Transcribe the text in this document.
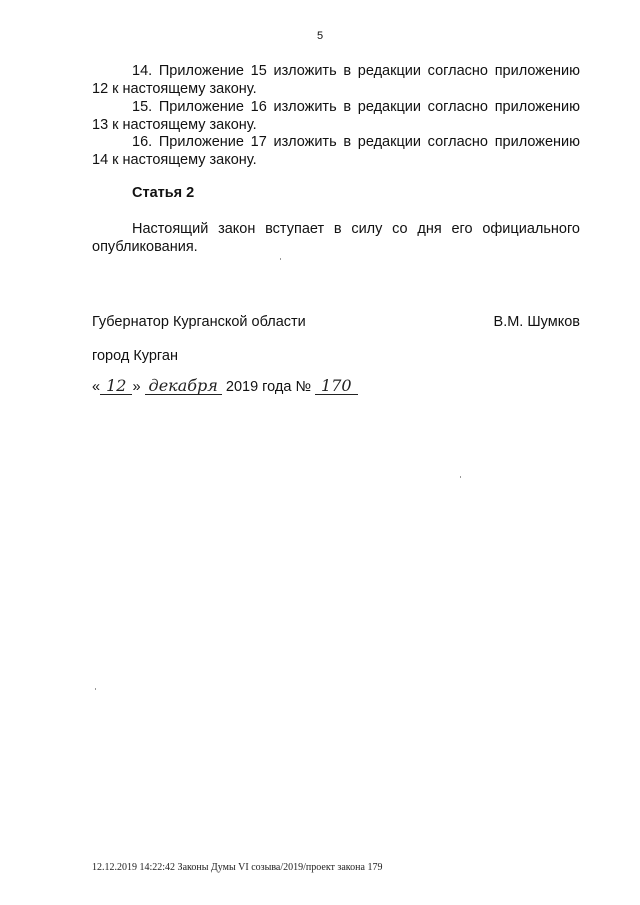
5

14. Приложение 15 изложить в редакции согласно приложению 12 к настоящему закону.

15. Приложение 16 изложить в редакции согласно приложению 13 к настоящему закону.

16. Приложение 17 изложить в редакции согласно приложению 14 к настоящему закону.

Статья 2

Настоящий закон вступает в силу со дня его официального опубликования.

Губернатор Курганской области	В.М. Шумков
город Курган
« 12 » декабря 2019 года № 170
12.12.2019 14:22:42 Законы Думы VI созыва/2019/проект закона 179
